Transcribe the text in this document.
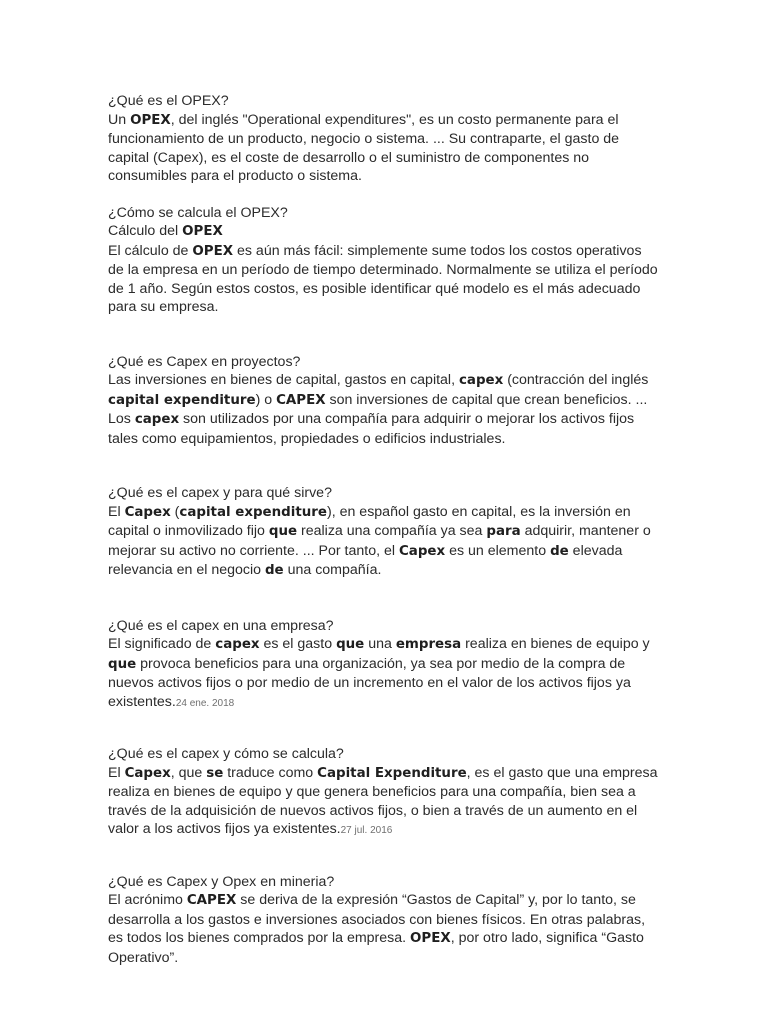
¿Qué es el OPEX?

Un OPEX, del inglés "Operational expenditures", es un costo permanente para el funcionamiento de un producto, negocio o sistema. ... Su contraparte, el gasto de capital (Capex), es el coste de desarrollo o el suministro de componentes no consumibles para el producto o sistema.

¿Cómo se calcula el OPEX?
Cálculo del OPEX

El cálculo de OPEX es aún más fácil: simplemente sume todos los costos operativos de la empresa en un período de tiempo determinado. Normalmente se utiliza el período de 1 año. Según estos costos, es posible identificar qué modelo es el más adecuado para su empresa.

¿Qué es Capex en proyectos?

Las inversiones en bienes de capital, gastos en capital, capex (contracción del inglés capital expenditure) o CAPEX son inversiones de capital que crean beneficios. ... Los capex son utilizados por una compañía para adquirir o mejorar los activos fijos tales como equipamientos, propiedades o edificios industriales.

¿Qué es el capex y para qué sirve?

El Capex (capital expenditure), en español gasto en capital, es la inversión en capital o inmovilizado fijo que realiza una compañía ya sea para adquirir, mantener o mejorar su activo no corriente. ... Por tanto, el Capex es un elemento de elevada relevancia en el negocio de una compañía.

¿Qué es el capex en una empresa?

El significado de capex es el gasto que una empresa realiza en bienes de equipo y que provoca beneficios para una organización, ya sea por medio de la compra de nuevos activos fijos o por medio de un incremento en el valor de los activos fijos ya existentes.24 ene. 2018

¿Qué es el capex y cómo se calcula?

El Capex, que se traduce como Capital Expenditure, es el gasto que una empresa realiza en bienes de equipo y que genera beneficios para una compañía, bien sea a través de la adquisición de nuevos activos fijos, o bien a través de un aumento en el valor a los activos fijos ya existentes.27 jul. 2016

¿Qué es Capex y Opex en mineria?

El acrónimo CAPEX se deriva de la expresión “Gastos de Capital” y, por lo tanto, se desarrolla a los gastos e inversiones asociados con bienes físicos. En otras palabras, es todos los bienes comprados por la empresa. OPEX, por otro lado, significa “Gasto Operativo”.
